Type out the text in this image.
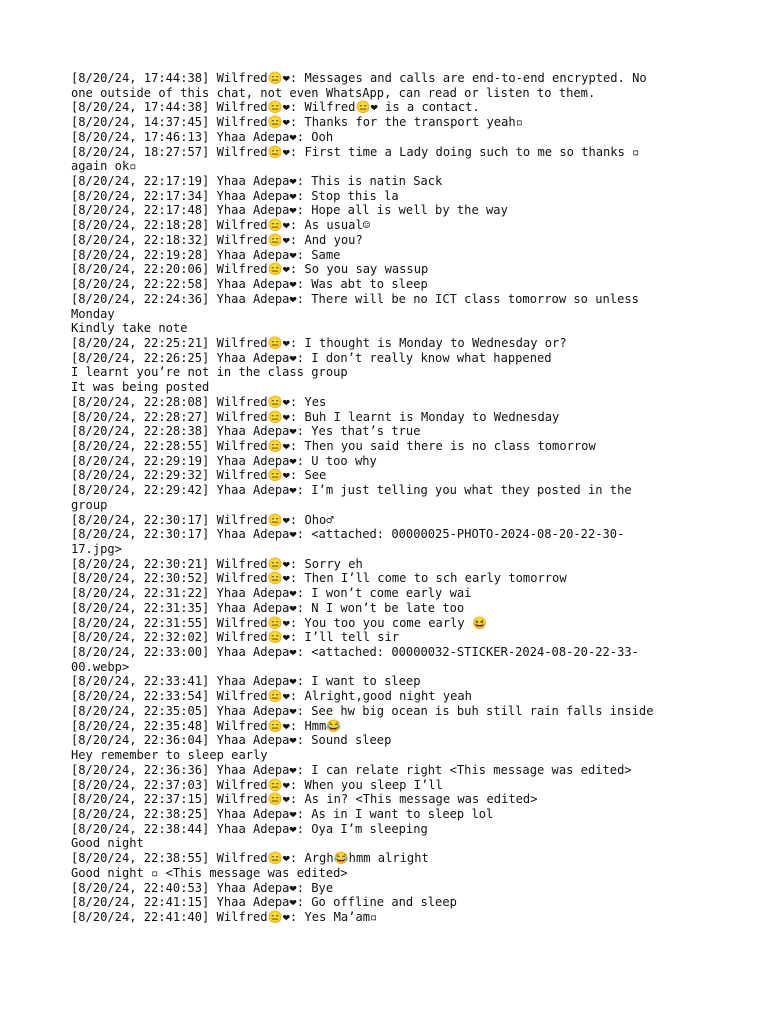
[8/20/24, 17:44:38] Wilfred😑❤: Messages and calls are end-to-end encrypted. No
one outside of this chat, not even WhatsApp, can read or listen to them.
[8/20/24, 17:44:38] Wilfred😑❤: Wilfred😑❤ is a contact.
[8/20/24, 14:37:45] Wilfred😑❤: Thanks for the transport yeah▫
[8/20/24, 17:46:13] Yhaa Adepa❤: Ooh
[8/20/24, 18:27:57] Wilfred😑❤: First time a Lady doing such to me so thanks ▫
again ok▫
[8/20/24, 22:17:19] Yhaa Adepa❤: This is natin Sack
[8/20/24, 22:17:34] Yhaa Adepa❤: Stop this la
[8/20/24, 22:17:48] Yhaa Adepa❤: Hope all is well by the way
[8/20/24, 22:18:28] Wilfred😑❤: As usual☺
[8/20/24, 22:18:32] Wilfred😑❤: And you?
[8/20/24, 22:19:28] Yhaa Adepa❤: Same
[8/20/24, 22:20:06] Wilfred😑❤: So you say wassup
[8/20/24, 22:22:58] Yhaa Adepa❤: Was abt to sleep
[8/20/24, 22:24:36] Yhaa Adepa❤: There will be no ICT class tomorrow so unless
Monday
Kindly take note
[8/20/24, 22:25:21] Wilfred😑❤: I thought is Monday to Wednesday or?
[8/20/24, 22:26:25] Yhaa Adepa❤: I don’t really know what happened
I learnt you’re not in the class group
It was being posted
[8/20/24, 22:28:08] Wilfred😑❤: Yes
[8/20/24, 22:28:27] Wilfred😑❤: Buh I learnt is Monday to Wednesday
[8/20/24, 22:28:38] Yhaa Adepa❤: Yes that’s true
[8/20/24, 22:28:55] Wilfred😑❤: Then you said there is no class tomorrow
[8/20/24, 22:29:19] Yhaa Adepa❤: U too why
[8/20/24, 22:29:32] Wilfred😑❤: See
[8/20/24, 22:29:42] Yhaa Adepa❤: I’m just telling you what they posted in the
group
[8/20/24, 22:30:17] Wilfred😑❤: Oho♂
[8/20/24, 22:30:17] Yhaa Adepa❤: <attached: 00000025-PHOTO-2024-08-20-22-30-
17.jpg>
[8/20/24, 22:30:21] Wilfred😑❤: Sorry eh
[8/20/24, 22:30:52] Wilfred😑❤: Then I’ll come to sch early tomorrow
[8/20/24, 22:31:22] Yhaa Adepa❤: I won’t come early wai
[8/20/24, 22:31:35] Yhaa Adepa❤: N I won’t be late too
[8/20/24, 22:31:55] Wilfred😑❤: You too you come early 😆
[8/20/24, 22:32:02] Wilfred😑❤: I’ll tell sir
[8/20/24, 22:33:00] Yhaa Adepa❤: <attached: 00000032-STICKER-2024-08-20-22-33-
00.webp>
[8/20/24, 22:33:41] Yhaa Adepa❤: I want to sleep
[8/20/24, 22:33:54] Wilfred😑❤: Alright,good night yeah
[8/20/24, 22:35:05] Yhaa Adepa❤: See hw big ocean is buh still rain falls inside
[8/20/24, 22:35:48] Wilfred😑❤: Hmm😂
[8/20/24, 22:36:04] Yhaa Adepa❤: Sound sleep
Hey remember to sleep early
[8/20/24, 22:36:36] Yhaa Adepa❤: I can relate right <This message was edited>
[8/20/24, 22:37:03] Wilfred😑❤: When you sleep I’ll
[8/20/24, 22:37:15] Wilfred😑❤: As in? <This message was edited>
[8/20/24, 22:38:25] Yhaa Adepa❤: As in I want to sleep lol
[8/20/24, 22:38:44] Yhaa Adepa❤: Oya I’m sleeping
Good night
[8/20/24, 22:38:55] Wilfred😑❤: Argh😂hmm alright
Good night ▫ <This message was edited>
[8/20/24, 22:40:53] Yhaa Adepa❤: Bye
[8/20/24, 22:41:15] Yhaa Adepa❤: Go offline and sleep
[8/20/24, 22:41:40] Wilfred😑❤: Yes Ma’am▫
